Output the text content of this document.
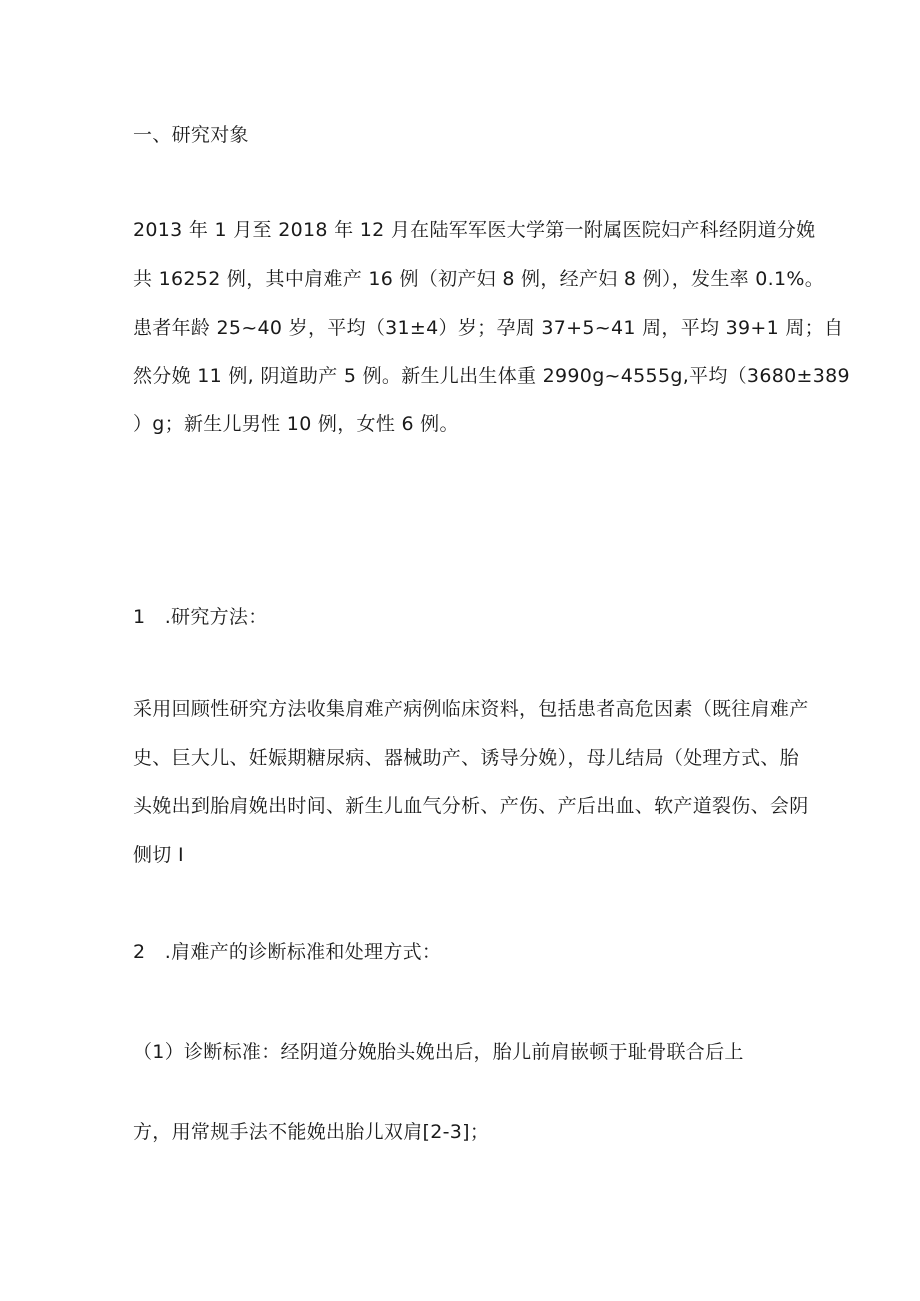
一、研究对象
2013 年 1 月至 2018 年 12 月在陆军军医大学第一附属医院妇产科经阴道分娩
共 16252 例，其中肩难产 16 例（初产妇 8 例，经产妇 8 例），发生率 0.1%。
患者年龄 25~40 岁，平均（31±4）岁；孕周 37+5~41 周，平均 39+1 周；自
然分娩 11 例, 阴道助产 5 例。新生儿出生体重 2990g~4555g,平均（3680±389
）g；新生儿男性 10 例，女性 6 例。
1　.研究方法：
采用回顾性研究方法收集肩难产病例临床资料，包括患者高危因素（既往肩难产
史、巨大儿、妊娠期糖尿病、器械助产、诱导分娩），母儿结局（处理方式、胎
头娩出到胎肩娩出时间、新生儿血气分析、产伤、产后出血、软产道裂伤、会阴
侧切 I
2　.肩难产的诊断标准和处理方式：
（1）诊断标准：经阴道分娩胎头娩出后，胎儿前肩嵌顿于耻骨联合后上
方，用常规手法不能娩出胎儿双肩[2-3]；
